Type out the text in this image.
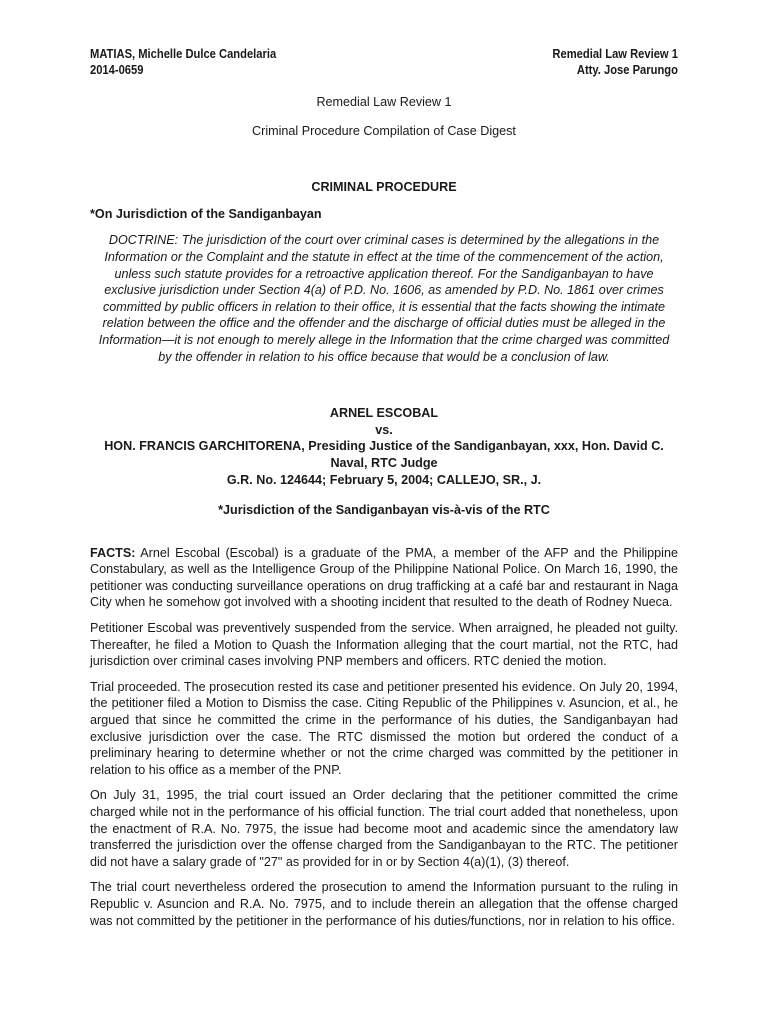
MATIAS, Michelle Dulce Candelaria
2014-0659
Remedial Law Review 1
Atty. Jose Parungo

Remedial Law Review 1

Criminal Procedure Compilation of Case Digest

CRIMINAL PROCEDURE

*On Jurisdiction of the Sandiganbayan

DOCTRINE: The jurisdiction of the court over criminal cases is determined by the allegations in the Information or the Complaint and the statute in effect at the time of the commencement of the action, unless such statute provides for a retroactive application thereof. For the Sandiganbayan to have exclusive jurisdiction under Section 4(a) of P.D. No. 1606, as amended by P.D. No. 1861 over crimes committed by public officers in relation to their office, it is essential that the facts showing the intimate relation between the office and the offender and the discharge of official duties must be alleged in the Information—it is not enough to merely allege in the Information that the crime charged was committed by the offender in relation to his office because that would be a conclusion of law.

ARNEL ESCOBAL
vs.
HON. FRANCIS GARCHITORENA, Presiding Justice of the Sandiganbayan, xxx, Hon. David C. Naval, RTC Judge
G.R. No. 124644; February 5, 2004; CALLEJO, SR., J.

*Jurisdiction of the Sandiganbayan vis-à-vis of the RTC

FACTS: Arnel Escobal (Escobal) is a graduate of the PMA, a member of the AFP and the Philippine Constabulary, as well as the Intelligence Group of the Philippine National Police. On March 16, 1990, the petitioner was conducting surveillance operations on drug trafficking at a café bar and restaurant in Naga City when he somehow got involved with a shooting incident that resulted to the death of Rodney Nueca.

Petitioner Escobal was preventively suspended from the service. When arraigned, he pleaded not guilty. Thereafter, he filed a Motion to Quash the Information alleging that the court martial, not the RTC, had jurisdiction over criminal cases involving PNP members and officers. RTC denied the motion.

Trial proceeded. The prosecution rested its case and petitioner presented his evidence. On July 20, 1994, the petitioner filed a Motion to Dismiss the case. Citing Republic of the Philippines v. Asuncion, et al., he argued that since he committed the crime in the performance of his duties, the Sandiganbayan had exclusive jurisdiction over the case. The RTC dismissed the motion but ordered the conduct of a preliminary hearing to determine whether or not the crime charged was committed by the petitioner in relation to his office as a member of the PNP.

On July 31, 1995, the trial court issued an Order declaring that the petitioner committed the crime charged while not in the performance of his official function. The trial court added that nonetheless, upon the enactment of R.A. No. 7975, the issue had become moot and academic since the amendatory law transferred the jurisdiction over the offense charged from the Sandiganbayan to the RTC. The petitioner did not have a salary grade of "27" as provided for in or by Section 4(a)(1), (3) thereof.

The trial court nevertheless ordered the prosecution to amend the Information pursuant to the ruling in Republic v. Asuncion and R.A. No. 7975, and to include therein an allegation that the offense charged was not committed by the petitioner in the performance of his duties/functions, nor in relation to his office.
